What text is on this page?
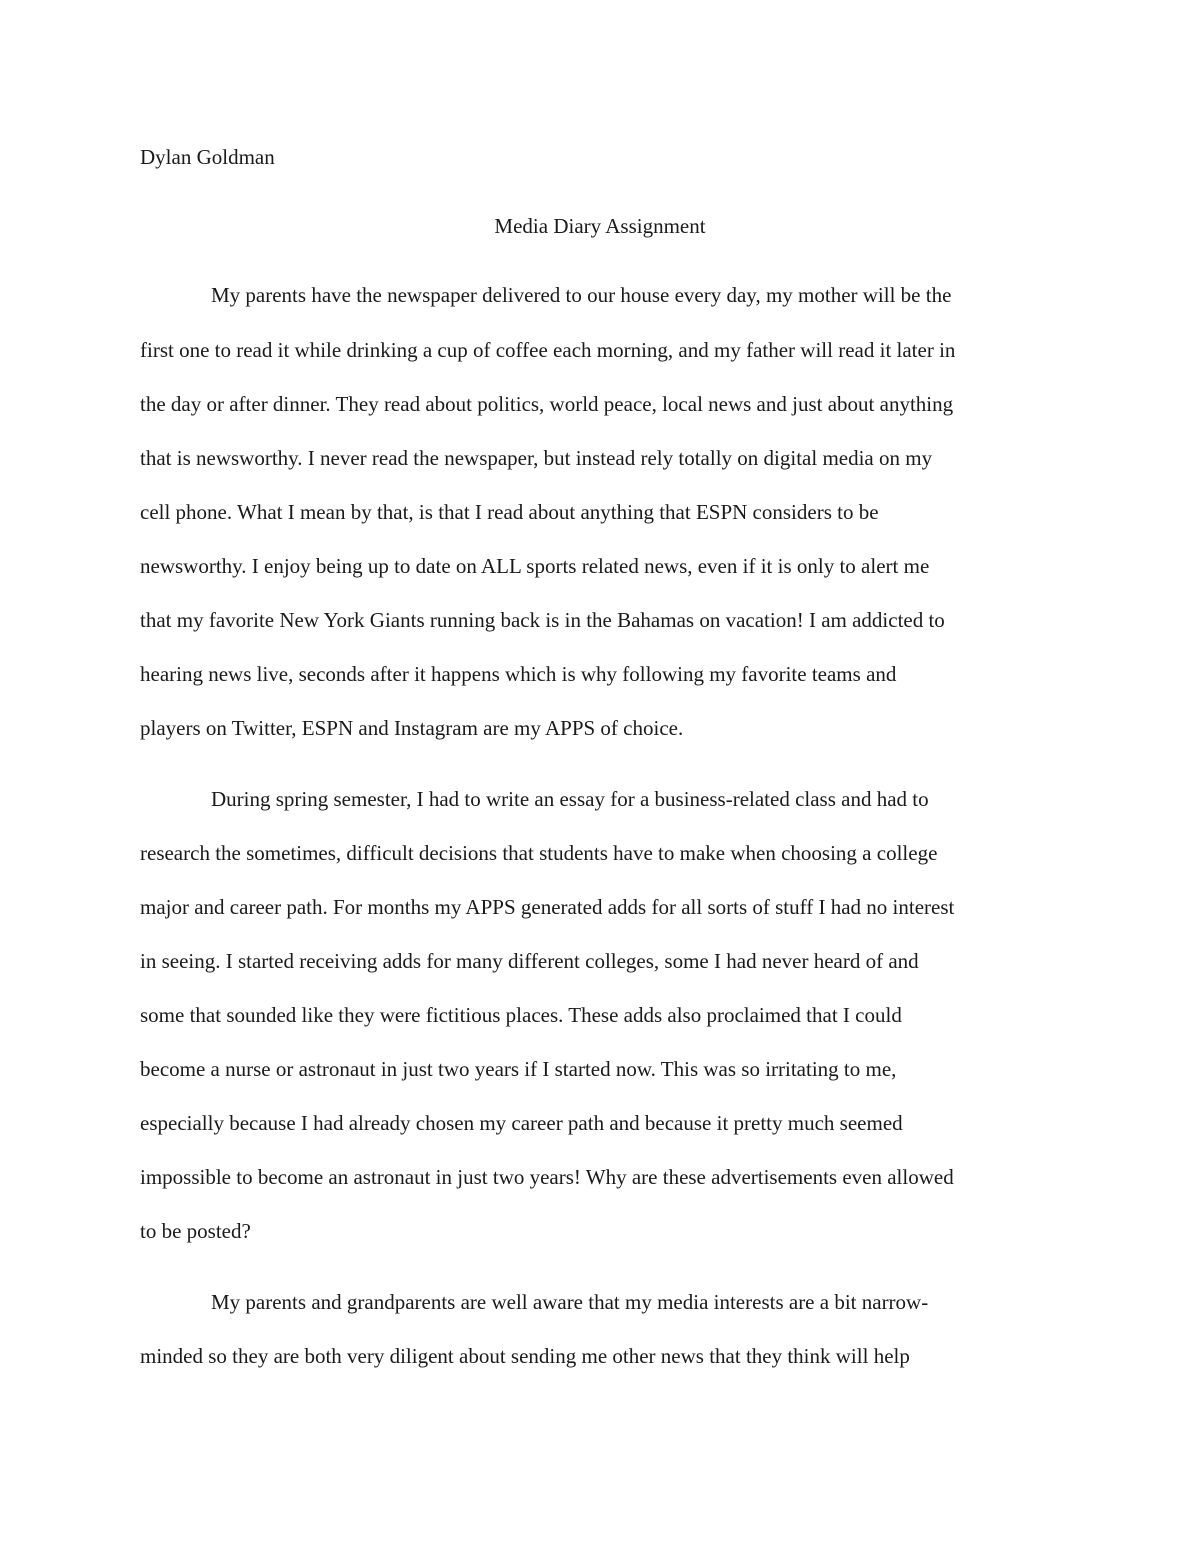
Dylan Goldman

Media Diary Assignment

My parents have the newspaper delivered to our house every day, my mother will be the

first one to read it while drinking a cup of coffee each morning, and my father will read it later in

the day or after dinner. They read about politics, world peace, local news and just about anything

that is newsworthy. I never read the newspaper, but instead rely totally on digital media on my

cell phone. What I mean by that, is that I read about anything that ESPN considers to be

newsworthy. I enjoy being up to date on ALL sports related news, even if it is only to alert me

that my favorite New York Giants running back is in the Bahamas on vacation! I am addicted to

hearing news live, seconds after it happens which is why following my favorite teams and

players on Twitter, ESPN and Instagram are my APPS of choice.

During spring semester, I had to write an essay for a business-related class and had to

research the sometimes, difficult decisions that students have to make when choosing a college

major and career path. For months my APPS generated adds for all sorts of stuff I had no interest

in seeing. I started receiving adds for many different colleges, some I had never heard of and

some that sounded like they were fictitious places. These adds also proclaimed that I could

become a nurse or astronaut in just two years if I started now. This was so irritating to me,

especially because I had already chosen my career path and because it pretty much seemed

impossible to become an astronaut in just two years! Why are these advertisements even allowed

to be posted?

My parents and grandparents are well aware that my media interests are a bit narrow-

minded so they are both very diligent about sending me other news that they think will help
